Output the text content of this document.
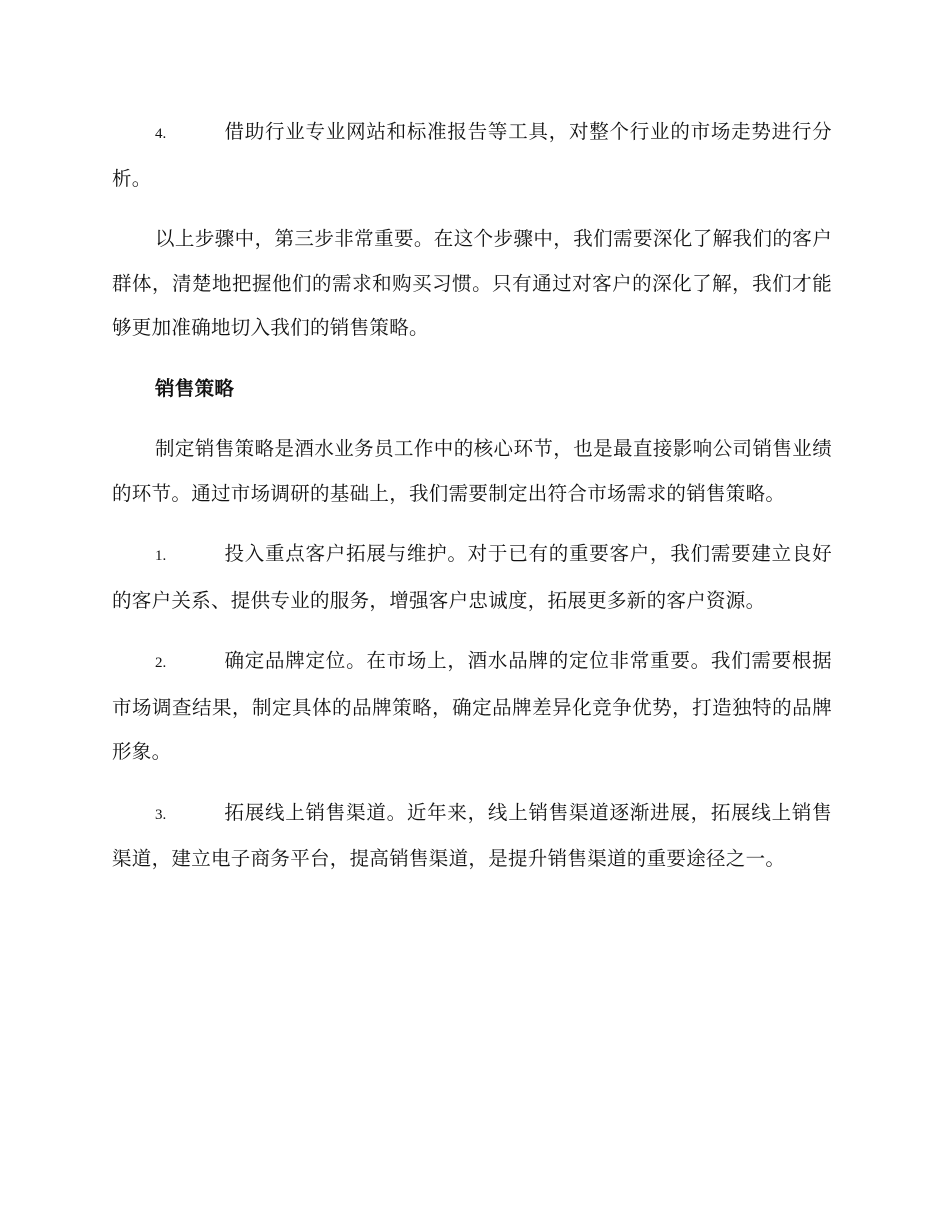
4.	借助行业专业网站和标准报告等工具，对整个行业的市场走势进行分析。

以上步骤中，第三步非常重要。在这个步骤中，我们需要深化了解我们的客户群体，清楚地把握他们的需求和购买习惯。只有通过对客户的深化了解，我们才能够更加准确地切入我们的销售策略。

销售策略

制定销售策略是酒水业务员工作中的核心环节，也是最直接影响公司销售业绩的环节。通过市场调研的基础上，我们需要制定出符合市场需求的销售策略。

1.	投入重点客户拓展与维护。对于已有的重要客户，我们需要建立良好的客户关系、提供专业的服务，增强客户忠诚度，拓展更多新的客户资源。

2.	确定品牌定位。在市场上，酒水品牌的定位非常重要。我们需要根据市场调查结果，制定具体的品牌策略，确定品牌差异化竞争优势，打造独特的品牌形象。

3.	拓展线上销售渠道。近年来，线上销售渠道逐渐进展，拓展线上销售渠道，建立电子商务平台，提高销售渠道，是提升销售渠道的重要途径之一。
